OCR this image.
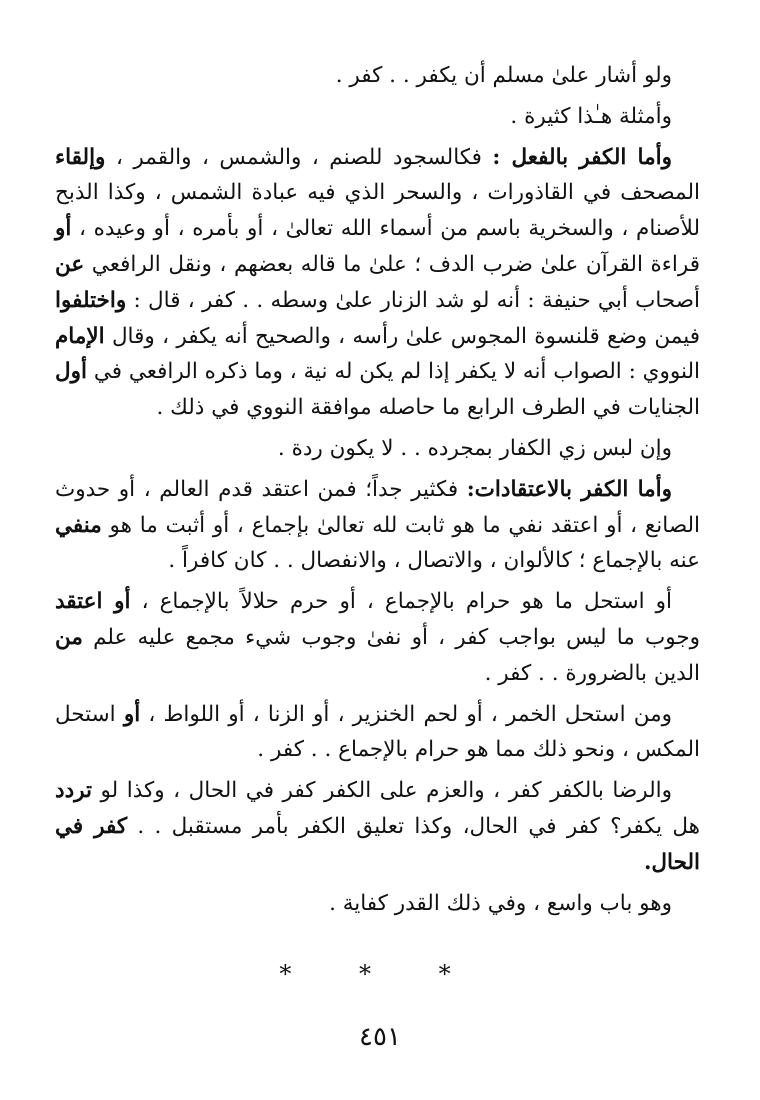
ولو أشار علىٰ مسلم أن يكفر . . كفر .

وأمثلة هـٰذا كثيرة .

وأما الكفر بالفعل : فكالسجود للصنم ، والشمس ، والقمر ، وإلقاء المصحف في القاذورات ، والسحر الذي فيه عبادة الشمس ، وكذا الذبح للأصنام ، والسخرية باسم من أسماء الله تعالىٰ ، أو بأمره ، أو وعيده ، أو قراءة القرآن علىٰ ضرب الدف ؛ علىٰ ما قاله بعضهم ، ونقل الرافعي عن أصحاب أبي حنيفة : أنه لو شد الزنار علىٰ وسطه . . كفر ، قال : واختلفوا فيمن وضع قلنسوة المجوس علىٰ رأسه ، والصحيح أنه يكفر ، وقال الإمام النووي : الصواب أنه لا يكفر إذا لم يكن له نية ، وما ذكره الرافعي في أول الجنايات في الطرف الرابع ما حاصله موافقة النووي في ذلك .

وإن لبس زي الكفار بمجرده . . لا يكون ردة .

وأما الكفر بالاعتقادات: فكثير جداً؛ فمن اعتقد قدم العالم ، أو حدوث الصانع ، أو اعتقد نفي ما هو ثابت لله تعالىٰ بإجماع ، أو أثبت ما هو منفي عنه بالإجماع ؛ كالألوان ، والاتصال ، والانفصال . . كان كافراً .

أو استحل ما هو حرام بالإجماع ، أو حرم حلالاً بالإجماع ، أو اعتقد وجوب ما ليس بواجب كفر ، أو نفىٰ وجوب شيء مجمع عليه علم من الدين بالضرورة . . كفر .

ومن استحل الخمر ، أو لحم الخنزير ، أو الزنا ، أو اللواط ، أو استحل المكس ، ونحو ذلك مما هو حرام بالإجماع . . كفر .

والرضا بالكفر كفر ، والعزم على الكفر كفر في الحال ، وكذا لو تردد هل يكفر؟ كفر في الحال، وكذا تعليق الكفر بأمر مستقبل . . كفر في الحال.

وهو باب واسع ، وفي ذلك القدر كفاية .

* * *
٤٥١
